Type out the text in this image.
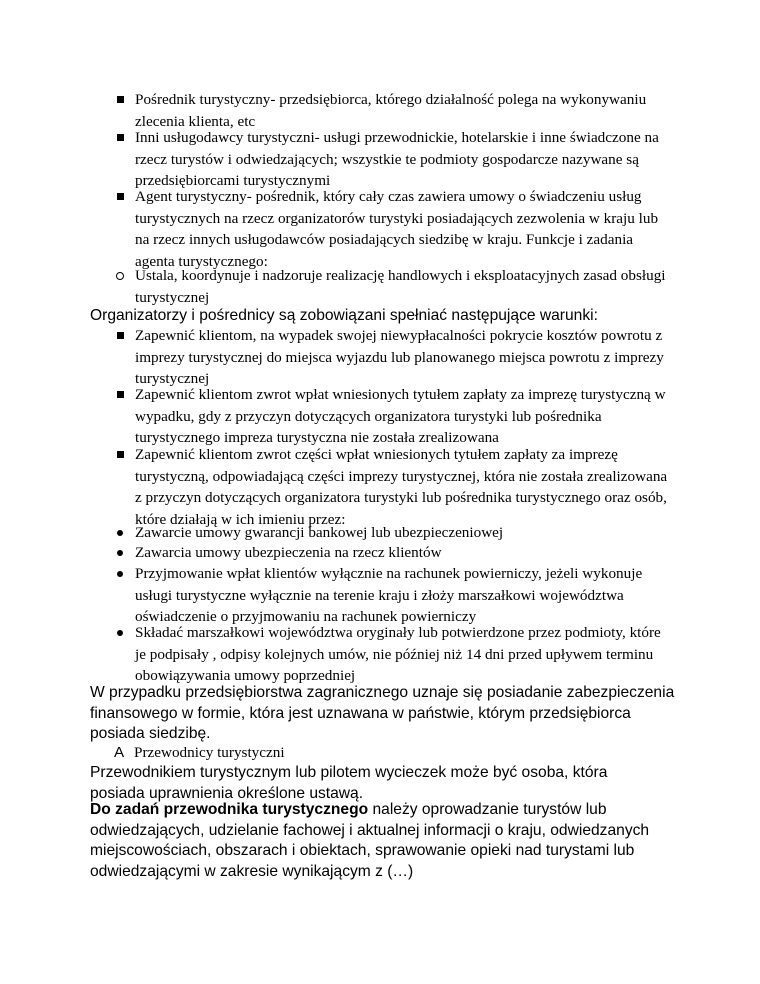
Pośrednik turystyczny- przedsiębiorca, którego działalność polega na wykonywaniu zlecenia klienta, etc
Inni usługodawcy turystyczni- usługi przewodnickie, hotelarskie i inne świadczone na rzecz turystów i odwiedzających; wszystkie te podmioty gospodarcze nazywane są przedsiębiorcami turystycznymi
Agent turystyczny- pośrednik, który cały czas zawiera umowy o świadczeniu usług turystycznych na rzecz organizatorów turystyki posiadających zezwolenia w kraju lub na rzecz innych usługodawców posiadających siedzibę w kraju. Funkcje i zadania agenta turystycznego:
Ustala, koordynuje i nadzoruje realizację handlowych i eksploatacyjnych zasad obsługi turystycznej
Organizatorzy i pośrednicy są zobowiązani spełniać następujące warunki:
Zapewnić klientom, na wypadek swojej niewypłacalności pokrycie kosztów powrotu z imprezy turystycznej do miejsca wyjazdu lub planowanego miejsca powrotu z imprezy turystycznej
Zapewnić klientom zwrot wpłat wniesionych tytułem zapłaty za imprezę turystyczną w wypadku, gdy z przyczyn dotyczących organizatora turystyki lub pośrednika turystycznego impreza turystyczna nie została zrealizowana
Zapewnić klientom zwrot części wpłat wniesionych tytułem zapłaty za imprezę turystyczną, odpowiadającą części imprezy turystycznej, która nie została zrealizowana z przyczyn dotyczących organizatora turystyki lub pośrednika turystycznego oraz osób, które działają w ich imieniu przez:
Zawarcie umowy gwarancji bankowej lub ubezpieczeniowej
Zawarcia umowy ubezpieczenia na rzecz klientów
Przyjmowanie wpłat klientów wyłącznie na rachunek powierniczy, jeżeli wykonuje usługi turystyczne wyłącznie na terenie kraju i złoży marszałkowi województwa oświadczenie o przyjmowaniu na rachunek powierniczy
Składać marszałkowi województwa oryginały lub potwierdzone przez podmioty, które je podpisały , odpisy kolejnych umów, nie później niż 14 dni przed upływem terminu obowiązywania umowy poprzedniej
W przypadku przedsiębiorstwa zagranicznego uznaje się posiadanie zabezpieczenia finansowego w formie, która jest uznawana w państwie, którym przedsiębiorca posiada siedzibę.
A Przewodnicy turystyczni
Przewodnikiem turystycznym lub pilotem wycieczek może być osoba, która posiada uprawnienia określone ustawą.
Do zadań przewodnika turystycznego należy oprowadzanie turystów lub odwiedzających, udzielanie fachowej i aktualnej informacji o kraju, odwiedzanych miejscowościach, obszarach i obiektach, sprawowanie opieki nad turystami lub odwiedzającymi w zakresie wynikającym z (…)
